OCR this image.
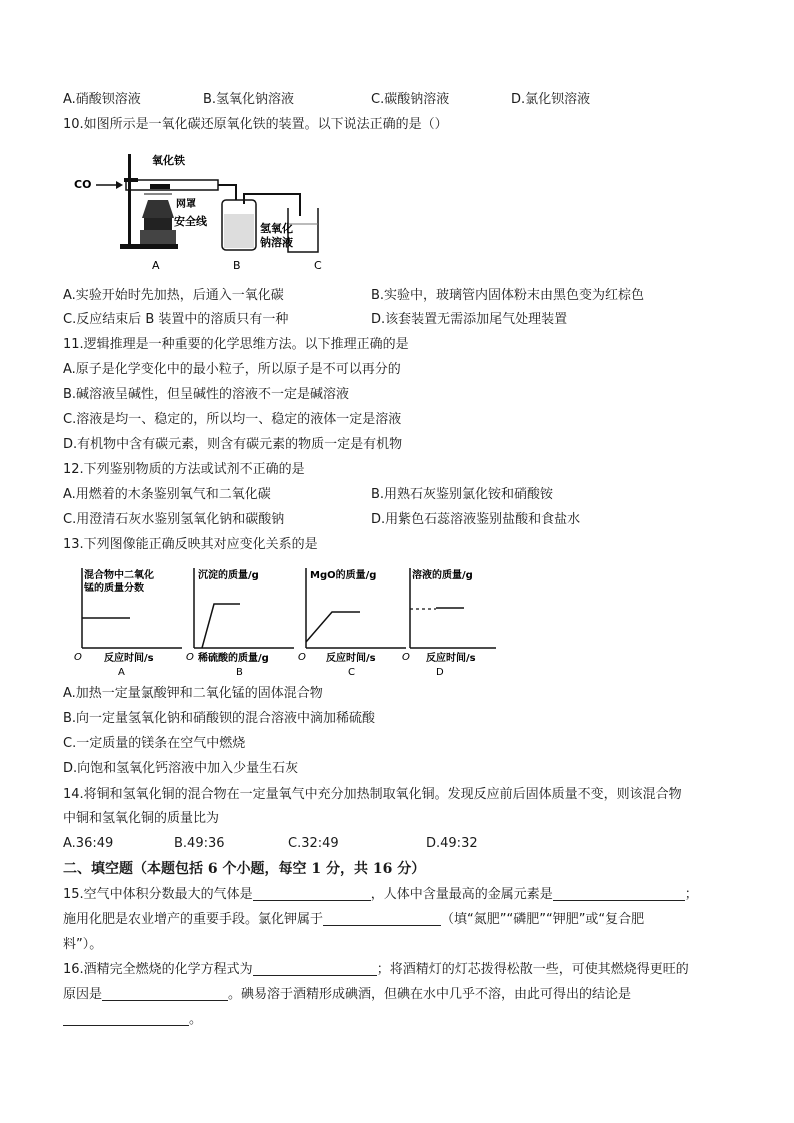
A.硝酸钡溶液	B.氢氧化钠溶液	C.碳酸钠溶液	D.氯化钡溶液
10.如图所示是一氧化碳还原氧化铁的装置。以下说法正确的是（）
CO
氧化铁
网罩
安全线
氢氧化
钠溶液
A	B	C
A.实验开始时先加热，后通入一氧化碳	B.实验中，玻璃管内固体粉末由黑色变为红棕色
C.反应结束后 B 装置中的溶质只有一种	D.该套装置无需添加尾气处理装置
11.逻辑推理是一种重要的化学思维方法。以下推理正确的是
A.原子是化学变化中的最小粒子，所以原子是不可以再分的
B.碱溶液呈碱性，但呈碱性的溶液不一定是碱溶液
C.溶液是均一、稳定的，所以均一、稳定的液体一定是溶液
D.有机物中含有碳元素，则含有碳元素的物质一定是有机物
12.下列鉴别物质的方法或试剂不正确的是
A.用燃着的木条鉴别氧气和二氧化碳	B.用熟石灰鉴别氯化铵和硝酸铵
C.用澄清石灰水鉴别氢氧化钠和碳酸钠	D.用紫色石蕊溶液鉴别盐酸和食盐水
13.下列图像能正确反映其对应变化关系的是
混合物中二氧化
锰的质量分数
O 反应时间/s
A
沉淀的质量/g
O 稀硫酸的质量/g
B
MgO的质量/g
O 反应时间/s
C
溶液的质量/g
O 反应时间/s
D
A.加热一定量氯酸钾和二氧化锰的固体混合物
B.向一定量氢氧化钠和硝酸钡的混合溶液中滴加稀硫酸
C.一定质量的镁条在空气中燃烧
D.向饱和氢氧化钙溶液中加入少量生石灰
14.将铜和氢氧化铜的混合物在一定量氧气中充分加热制取氧化铜。发现反应前后固体质量不变，则该混合物
中铜和氢氧化铜的质量比为
A.36:49	B.49:36	C.32:49	D.49:32
二、填空题（本题包括 6 个小题，每空 1 分，共 16 分）
15.空气中体积分数最大的气体是	，人体中含量最高的金属元素是	；
施用化肥是农业增产的重要手段。氯化钾属于	（填“氮肥”“磷肥”“钾肥”或“复合肥
料”）。
16.酒精完全燃烧的化学方程式为	；将酒精灯的灯芯拨得松散一些，可使其燃烧得更旺的
原因是	。碘易溶于酒精形成碘酒，但碘在水中几乎不溶，由此可得出的结论是
。
